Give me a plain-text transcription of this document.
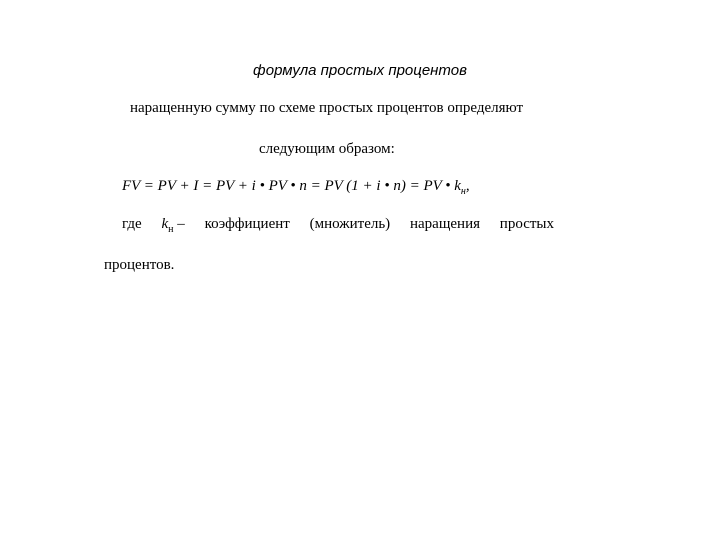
формула простых процентов
наращенную сумму по схеме простых процентов определяют
следующим образом:
FV = PV + I = PV + i • PV • n = PV (1 + i • n) = PV • $k_н$,
где $k_н$ – коэффициент (множитель) наращения простых
процентов.
